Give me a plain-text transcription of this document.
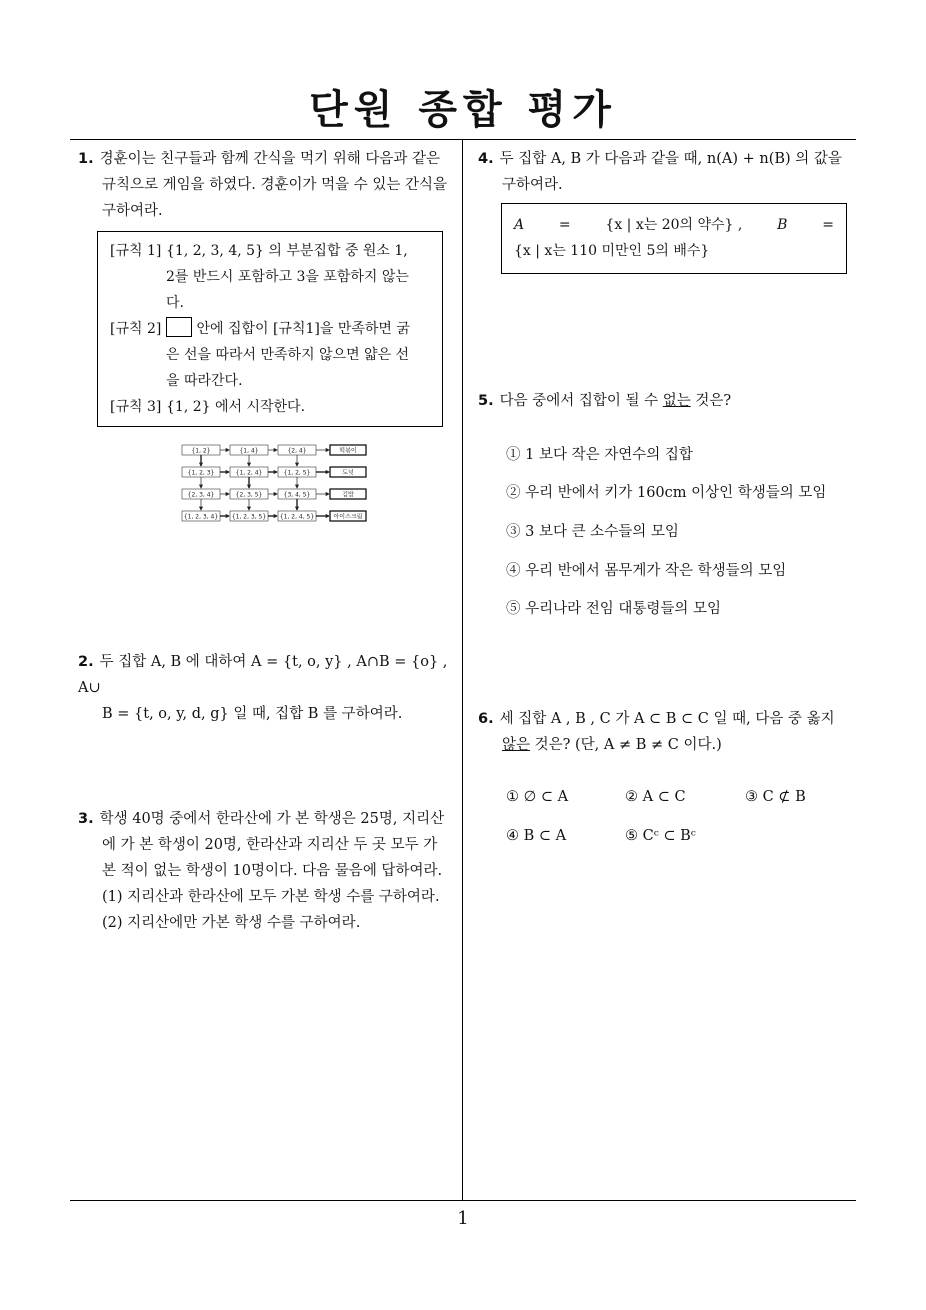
단원 종합 평가
1

1. 경훈이는 친구들과 함께 간식을 먹기 위해 다음과 같은

규칙으로 게임을 하였다. 경훈이가 먹을 수 있는 간식을

구하여라.

[규칙 1] {1, 2, 3, 4, 5} 의 부분집합 중 원소 1,
2를 반드시 포함하고 3을 포함하지 않는
다.
[규칙 2]	안에 집합이 [규칙1]을 만족하면 굵
은 선을 따라서 만족하지 않으면 얇은 선
을 따라간다.
[규칙 3] {1, 2} 에서 시작한다.
{1, 2}	{1, 4}	{2, 4}	떡볶이
{1, 2, 3}	{1, 2, 4}	{1, 2, 5}	도넛
{2, 3, 4}	{2, 3, 5}	{3, 4, 5}	김밥
{1, 2, 3, 4} {1, 2, 3, 5} {1, 2, 4, 5}	아이스크림

2. 두 집합 A, B 에 대하여 A = {t, o, y} , A∩B = {o} , A∪

B = {t, o, y, d, g} 일 때, 집합 B 를 구하여라.

3. 학생 40명 중에서 한라산에 가 본 학생은 25명, 지리산

에 가 본 학생이 20명, 한라산과 지리산 두 곳 모두 가

본 적이 없는 학생이 10명이다. 다음 물음에 답하여라.

(1) 지리산과 한라산에 모두 가본 학생 수를 구하여라.

(2) 지리산에만 가본 학생 수를 구하여라.

4. 두 집합 A, B 가 다음과 같을 때, n(A) + n(B) 의 값을

구하여라.

A = {x | x는 20의 약수} , B =
{x | x는 110 미만인 5의 배수}

5. 다음 중에서 집합이 될 수 없는 것은?

① 1 보다 작은 자연수의 집합
② 우리 반에서 키가 160cm 이상인 학생들의 모임
③ 3 보다 큰 소수들의 모임
④ 우리 반에서 몸무게가 작은 학생들의 모임
⑤ 우리나라 전임 대통령들의 모임

6. 세 집합 A , B , C 가 A ⊂ B ⊂ C 일 때, 다음 중 옳지

않은 것은? (단, A ≠ B ≠ C 이다.)

① ∅ ⊂ A	② A ⊂ C	③ C ⊄ B
④ B ⊂ A	⑤ Cᶜ ⊂ Bᶜ
